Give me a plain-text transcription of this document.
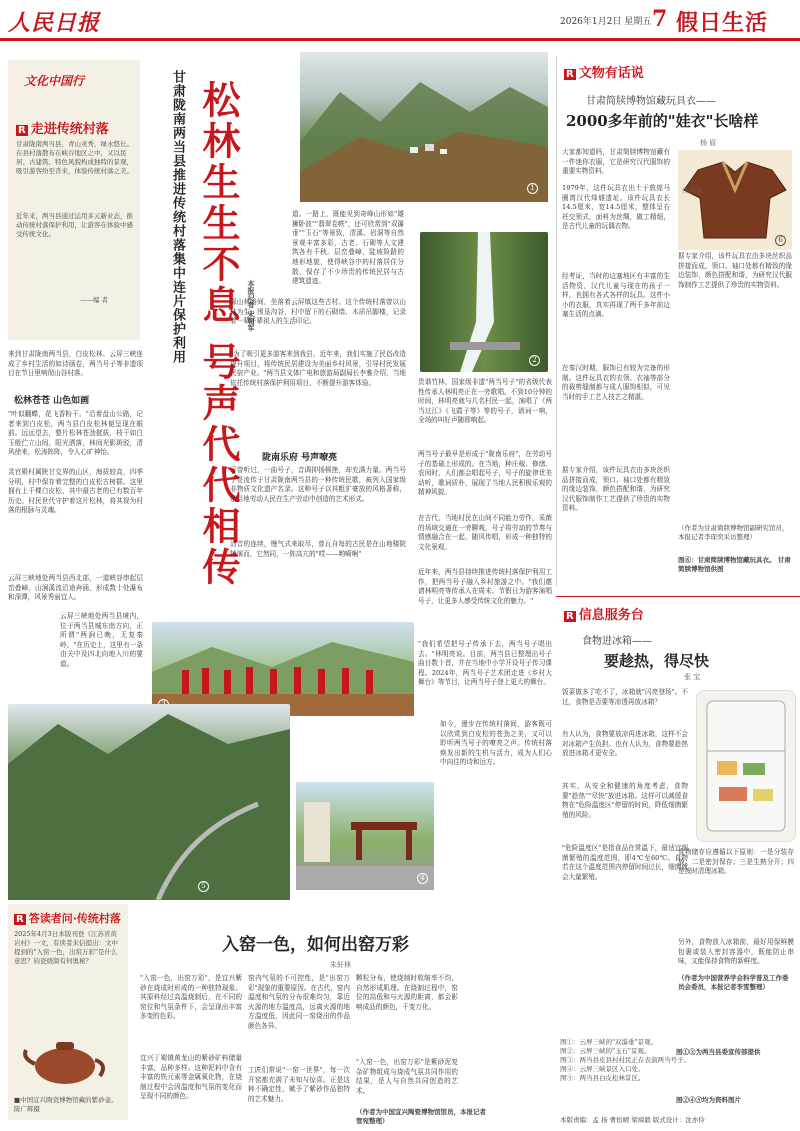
人民日报	2026年1月2日 星期五 7 假日生活
文化中国行
R 走进传统村落
甘肃陇南两当县，青山灵秀，绿水悠长。在县村落散布在峡谷地区之中，又以民居、古建筑、特色风貌构成独特的景观，吸引游客纷至沓来，体验传统村落之美。
近年来，两当县通过运用多元新业态，推动传统村落保护利用，让游客在体验中感受传统文化。
——编 者
来到甘肃陇南两当县，白皮松林、云屏三峡连成了乡村生活的如诗画卷，两当号子等非遗项目在节日里响彻山谷村落。
松林苍苍 山色如画
"叶似翻蝶，花飞香粉干。"沿着盘山公路，记者来到白皮松，两当县白皮松林便呈现在眼前。远远望去，整片松林苍劲挺拔，枝干如白玉般伫立山间，阳光洒落，林间光影斑驳，清风徐来，松涛阵阵，令人心旷神怡。
灵官殿村属陕甘交界的山区，海拔较高，四季分明，村中保存着完整的白皮松古树群。这里拥有上千棵白皮松，其中最古老的已有数百年历史。村民世代守护着这片松林，将其视为村落的根脉与灵魂。
云屏三峡地处两当县西北部，一道峡谷串起层峦叠嶂，山涧溪流沿途奔涌，形成数十处瀑布和深潭，风景秀丽宜人。
云屏三峡地处两当县境内，位于两当县城东南方向，正所谓"两涧已晚，无复秦岭。"在历史上，这里有一条由关中及四北向地入川的要道。
松林生生不息 号声代代相传
甘肃陇南两当县推进传统村落集中连片保护利用	本报记者 宋朝军
1
2
道。一路上，既能见到奇峰山形如"雄狮卧波""翡翠卷帙"，还可欣赏到"双瀑垂""玉石"等景致，清溪、岩洞等自然景观丰富多彩，古老、石砌等人文建筑各有千秋。层峦叠嶂，陡坡险路的地形地貌，使得峡谷中的村落居住分散，保存了不少珍贵的传统民居与古建筑遗迹。
深山林谷间，坐落着云屏镇这些古村。这个传统村落曾以山林为生，围垦沟谷，村中留下的石砌墙、木质吊脚楼，记录着一辈子辈祖人的生活印记。
"为了吸引更多游客来到我县，近年来，我们实施了民俗改造提升项目，将传统民居建设为美丽乡村风景，引导村民发展民宿产业。"两当县文体广电和旅游局副局长李雅介绍，当地依托传统村落保护利用项目，不断提升游客体验。
陇南乐府 号声嘹亮
可曾听过，一曲号子，音调抑扬顿挫，却充满力量。两当号子是流传于甘肃陇南两当县的一种传统民歌，被列入国家级非物质文化遗产名录。这种号子以其粗犷豪放的风格著称，是当地劳动人民在生产劳动中创造的艺术形式。
清音的连续，慢气式来取尽，曾瓦自每的古民是在山地楼院特演而，它然同，一阵高亢的"哎——哟嗬啊"
贵谐竹林，国家级非遗"两当号子"的省级代表性传承人林明亮正在一旁歌唱。不到10分钟的时间，林明亮就与几名村民一起，演唱了《两当过江》《飞霞子等》等的号子，谱词一响，全场的叫好声随即响起。
两当号子最早是形成于"陇南乐府"，在劳动号子的基础上形成的。在当地，种庄稼、修缮、农闲时，人们都会唱起号子，号子的旋律优美动听，歌词质朴，展现了当地人民积极乐观的精神风貌。
在古代，当地村民在山间不同能力劳作，采菌的场域交通在一旁聊观，号子将劳动的节奏与情感融合在一起，随风传唱，形成一种独特的文化景观。
近年来，两当县持续推进传统村落保护利用工作，把两当号子融入乡村旅游之中。"我们邀请林明亮等传承人在周末、节假日为游客演唱号子，让更多人感受传统文化的魅力。"
"我们希望把号子传承下去，两当号子唱出去。"林明亮说。目前，两当县已整理出号子曲目数十首，并在当地中小学开设号子传习课程。2024年，两当号子艺术团走进《乡村大舞台》等节目，让两当号子登上更大的舞台。
如今，漫步在传统村落间，游客既可以欣赏到白皮松的苍劲之美，又可以聆听两当号子的嘹亮之声。传统村落焕发出新的生机与活力，成为人们心中向往的诗和远方。
5
4
R 文物有话说
甘肃简牍博物馆藏玩具衣——
2000多年前的"娃衣"长啥样
杨 眉
大家都知道吗，甘肃简牍博物馆藏有一件迷你衣服，它是研究汉代服饰的重要实物资料。
1979年，这件玩具衣出土于敦煌马圈湾汉代烽燧遗址。该件玩具衣长14.5厘米，宽14.5厘米，整体呈右衽交领式，面料为丝绸，做工精细，是古代儿童的玩偶衣物。
经考证，当时的边塞地区有丰富的生活物资，汉代儿童与现在的孩子一样，也拥有各式各样的玩具。这件小小的衣服，真实再现了两千多年前边塞生活的点滴。
在秦汉时期，服饰已有较为完备的形制。这件玩具衣的衣领、衣袖等部分的裁剪缝制都与成人服饰相似，可见当时的手工艺人技艺之精湛。
据专家介绍，该件玩具衣由多块丝织品拼接而成，领口、袖口处都有精致的缘边装饰，颜色搭配和谐，为研究汉代服饰制作工艺提供了珍贵的实物资料。
竹·玩具
6
据专家介绍，该件玩具衣由多块丝织品拼接而成，领口、袖口处都有精致的缘边装饰，颜色搭配和谐，为研究汉代服饰制作工艺提供了珍贵的实物资料。
（作者为甘肃简牍博物馆副研究馆员，本报记者李琛奕采访整理）
图⑥：甘肃简牍博物馆藏玩具衣。 甘肃简牍博物馆供图
R 信息服务台
食物进冰箱——
要趁热，得尽快
张 宝
饭菜做多了吃不了，冰箱就"闪亮登场"。不过，食物是否要等凉透再放冰箱？
有人认为，食物要放凉再进冰箱，这样不会对冰箱产生负担。也有人认为，食物要趁热放进冰箱才更安全。
其实，从安全和健康的角度考虑，食物要"趁热""尽快"放进冰箱。这样可以减缓食物在"危险温度区"停留的时间，降低细菌繁殖的风险。
"危险温度区"是指食品在常温下，最适宜细菌繁殖的温度范围，即4℃至60℃。食物若在这个温度范围内停留时间过长，细菌就会大量繁殖。
食物储存应遵循以下原则：一是分装存放；二是密封保存；三是生熟分开；四是按时清理冰箱。
另外，食物放入冰箱前，最好用保鲜膜包裹或装入密封容器中，既能防止串味，又能保持食物的新鲜度。
（作者为中国营养学会科学普及工作委员会委员，本报记者李雪整理）
R 答读者问·传统村落
2025年4月3日本版刊登《江苏省黄岩村》一文，有读者来信提出：文中提到的"入窑一色，出窑万彩"是什么意思？钧瓷烧制有何奥秘？
■中国宜兴陶瓷博物馆藏的紫砂壶。 陈广辉摄
入窑一色，如何出窑万彩
朱轩林
"入窑一色，出窑万彩"，是宜兴紫砂在烧成时形成的一种独特现象。其原料经过高温烧制后，在不同的窑位和气氛条件下，会呈现出丰富多变的色彩。
宜兴丁蜀镇黄龙山的紫砂矿料储量丰富，品种多样。这种泥料中含有丰富的铁元素等金属氧化物，在烧制过程中会因温度和气氛的变化而呈现不同的颜色。
窑内气氛的不可控性，是"出窑万彩"现象的重要原因。在古代，窑内温度和气氛的分布很难均匀，靠近火源的地方温度高，远离火源的地方温度低，因此同一窑烧出的作品颜色各异。
工匠们常说"一窑一世界"，每一次开窑都充满了未知与惊喜。正是这种不确定性，赋予了紫砂作品独特的艺术魅力。
颗粒分布，使烧制时收缩率不均，自然形成肌理。在烧制过程中，窑位的高低和与火源的距离，都会影响成品的颜色，千变万化。
"入窑一色，出窑万彩"是紫砂泥复杂矿物组成与烧成气氛共同作用的结果，是人与自然共同创造的艺术。
（作者为中国宜兴陶瓷博物馆馆员，本报记者管宛整理）
图①：云屏三峡的"双瀑垂"景观。
图②：云屏三峡的"玉石"景观。
图③：两当县皮县村村民正在表演两当号子。
图④：云屏三峡景区入口处。
图⑤：两当县白皮松林景区。
图①③为两当县委宣传部提供
图②④⑤均为资料图片
本版责编：孟 扬 曹怡晴 梁璋毅 版式设计：沈亦伶
